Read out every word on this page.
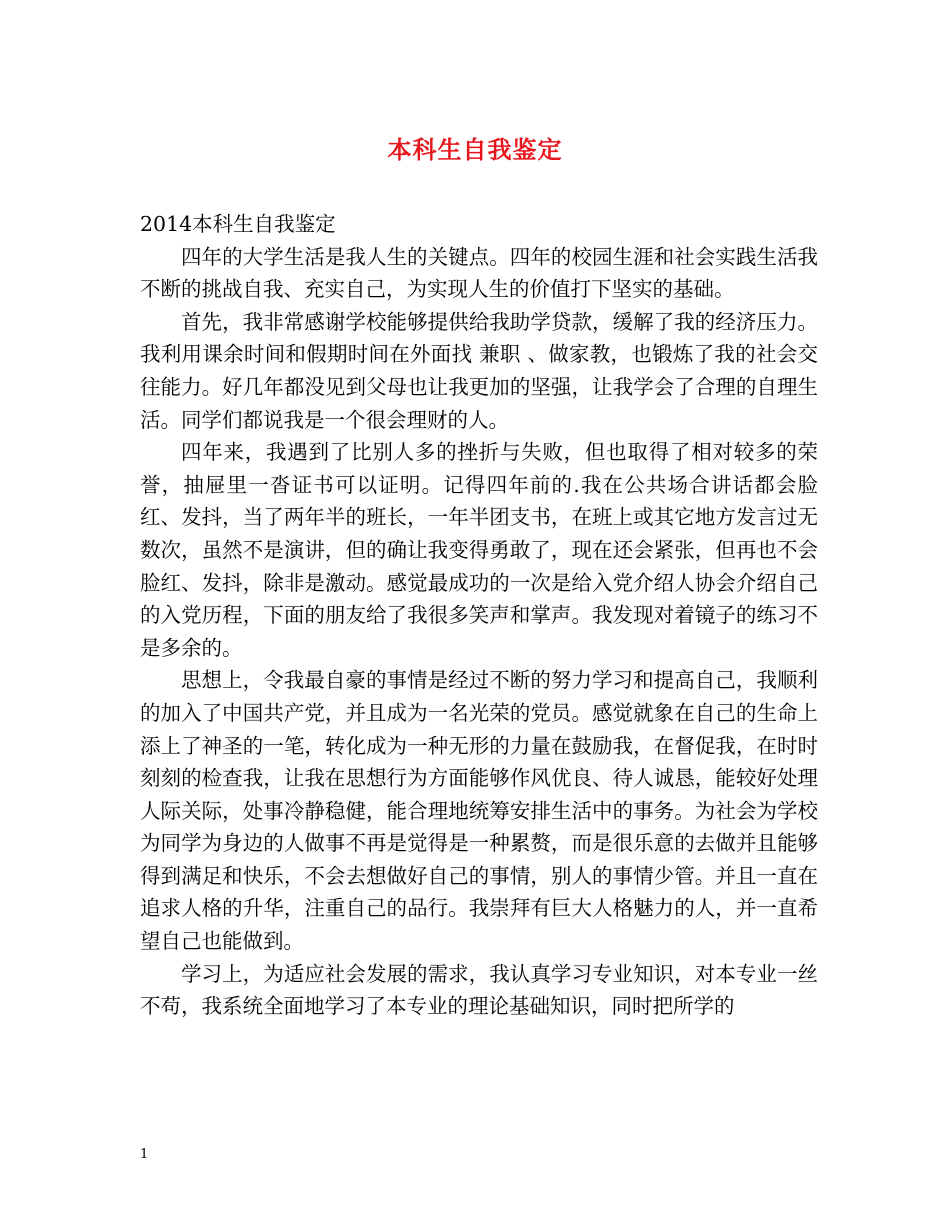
本科生自我鉴定

2014本科生自我鉴定

四年的大学生活是我人生的关键点。四年的校园生涯和社会实践生活我不断的挑战自我、充实自己，为实现人生的价值打下坚实的基础。

首先，我非常感谢学校能够提供给我助学贷款，缓解了我的经济压力。我利用课余时间和假期时间在外面找 兼职 、做家教，也锻炼了我的社会交往能力。好几年都没见到父母也让我更加的坚强，让我学会了合理的自理生活。同学们都说我是一个很会理财的人。

四年来，我遇到了比别人多的挫折与失败，但也取得了相对较多的荣誉，抽屉里一沓证书可以证明。记得四年前的.我在公共场合讲话都会脸红、发抖，当了两年半的班长，一年半团支书，在班上或其它地方发言过无数次，虽然不是演讲，但的确让我变得勇敢了，现在还会紧张，但再也不会脸红、发抖，除非是激动。感觉最成功的一次是给入党介绍人协会介绍自己的入党历程，下面的朋友给了我很多笑声和掌声。我发现对着镜子的练习不是多余的。

思想上，令我最自豪的事情是经过不断的努力学习和提高自己，我顺利的加入了中国共产党，并且成为一名光荣的党员。感觉就象在自己的生命上添上了神圣的一笔，转化成为一种无形的力量在鼓励我，在督促我，在时时刻刻的检查我，让我在思想行为方面能够作风优良、待人诚恳，能较好处理人际关际，处事冷静稳健，能合理地统筹安排生活中的事务。为社会为学校为同学为身边的人做事不再是觉得是一种累赘，而是很乐意的去做并且能够得到满足和快乐，不会去想做好自己的事情，别人的事情少管。并且一直在追求人格的升华，注重自己的品行。我崇拜有巨大人格魅力的人，并一直希望自己也能做到。

学习上，为适应社会发展的需求，我认真学习专业知识，对本专业一丝不苟，我系统全面地学习了本专业的理论基础知识，同时把所学的

1
